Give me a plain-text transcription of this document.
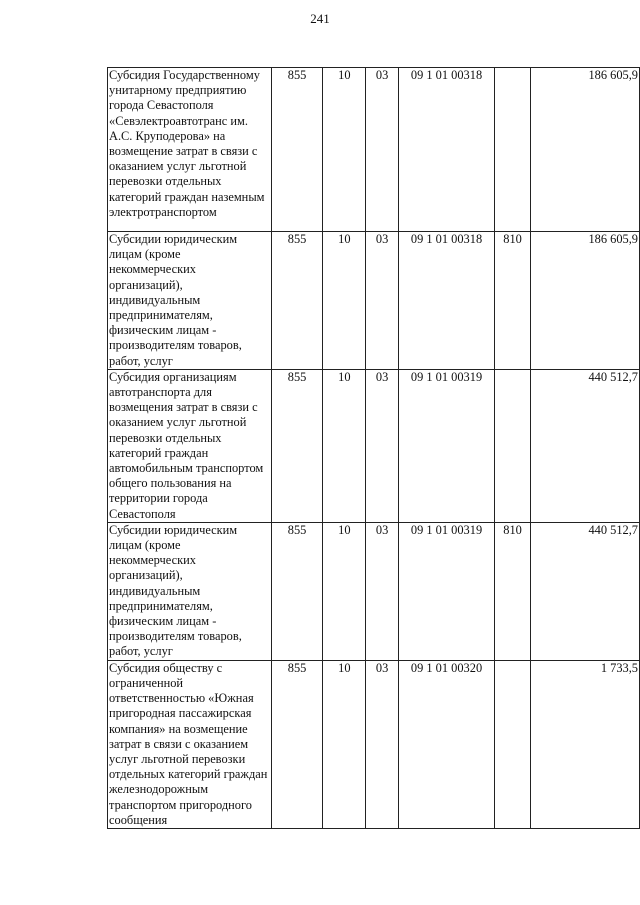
241
Субсидия Государственному унитарному предприятию города Севастополя «Севэлектроавтотранс им. А.С. Круподерова» на возмещение затрат в связи с оказанием услуг льготной перевозки отдельных категорий граждан наземным электротранспортом	855	10	03	09 1 01 00318		186 605,9
Субсидии юридическим лицам (кроме некоммерческих организаций), индивидуальным предпринимателям, физическим лицам - производителям товаров, работ, услуг	855	10	03	09 1 01 00318	810	186 605,9
Субсидия организациям автотранспорта для возмещения затрат в связи с оказанием услуг льготной перевозки отдельных категорий граждан автомобильным транспортом общего пользования на территории города Севастополя	855	10	03	09 1 01 00319		440 512,7
Субсидии юридическим лицам (кроме некоммерческих организаций), индивидуальным предпринимателям, физическим лицам - производителям товаров, работ, услуг	855	10	03	09 1 01 00319	810	440 512,7
Субсидия обществу с ограниченной ответственностью «Южная пригородная пассажирская компания» на возмещение затрат в связи с оказанием услуг льготной перевозки отдельных категорий граждан железнодорожным транспортом пригородного сообщения	855	10	03	09 1 01 00320		1 733,5
